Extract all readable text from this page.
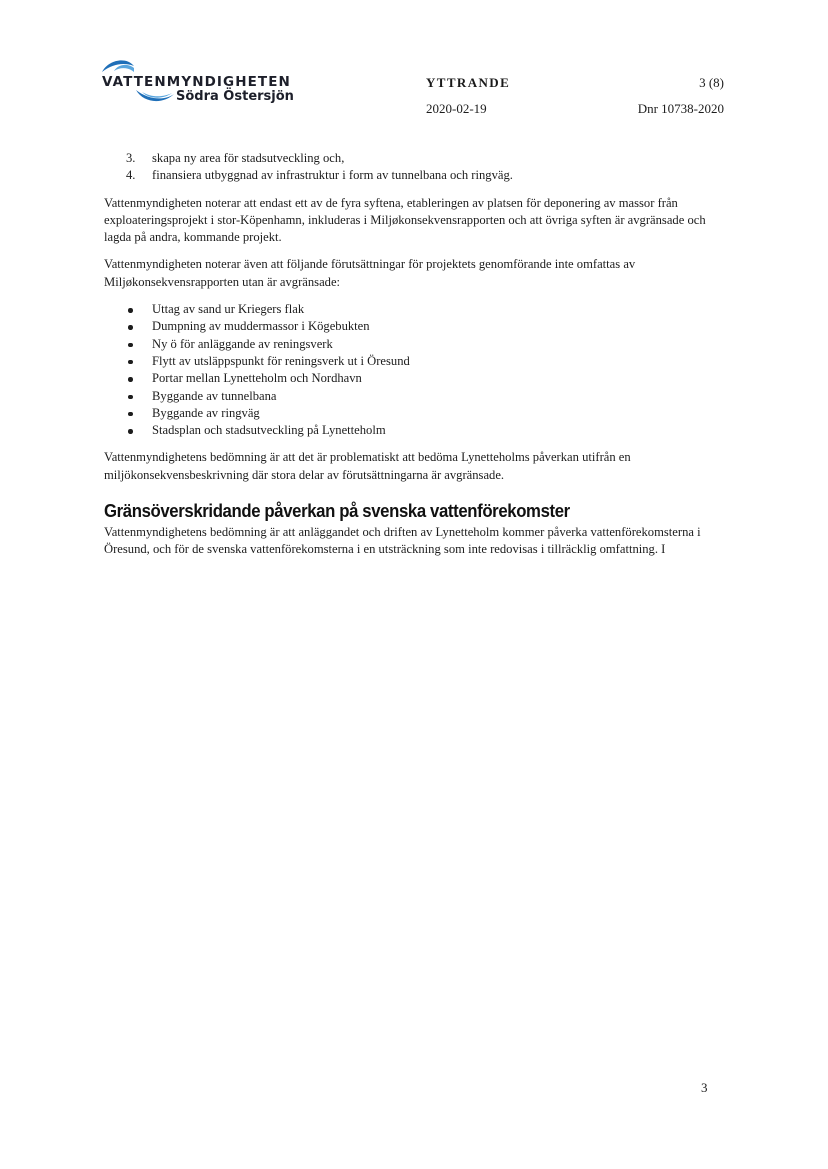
VATTENMYNDIGHETEN
Södra Östersjön
YTTRANDE	3 (8)
2020-02-19	Dnr 10738-2020
3. skapa ny area för stadsutveckling och,
4. finansiera utbyggnad av infrastruktur i form av tunnelbana och ringväg.

Vattenmyndigheten noterar att endast ett av de fyra syftena, etableringen av platsen för deponering av massor från exploateringsprojekt i stor-Köpenhamn, inkluderas i Miljøkonsekvensrapporten och att övriga syften är avgränsade och lagda på andra, kommande projekt.

Vattenmyndigheten noterar även att följande förutsättningar för projektets genomförande inte omfattas av Miljøkonsekvensrapporten utan är avgränsade:

Uttag av sand ur Kriegers flak
Dumpning av muddermassor i Kögebukten
Ny ö för anläggande av reningsverk
Flytt av utsläppspunkt för reningsverk ut i Öresund
Portar mellan Lynetteholm och Nordhavn
Byggande av tunnelbana
Byggande av ringväg
Stadsplan och stadsutveckling på Lynetteholm

Vattenmyndighetens bedömning är att det är problematiskt att bedöma Lynetteholms påverkan utifrån en miljökonsekvensbeskrivning där stora delar av förutsättningarna är avgränsade.

Gränsöverskridande påverkan på svenska vattenförekomster

Vattenmyndighetens bedömning är att anläggandet och driften av Lynetteholm kommer påverka vattenförekomsterna i Öresund, och för de svenska vattenförekomsterna i en utsträckning som inte redovisas i tillräcklig omfattning. I

3
